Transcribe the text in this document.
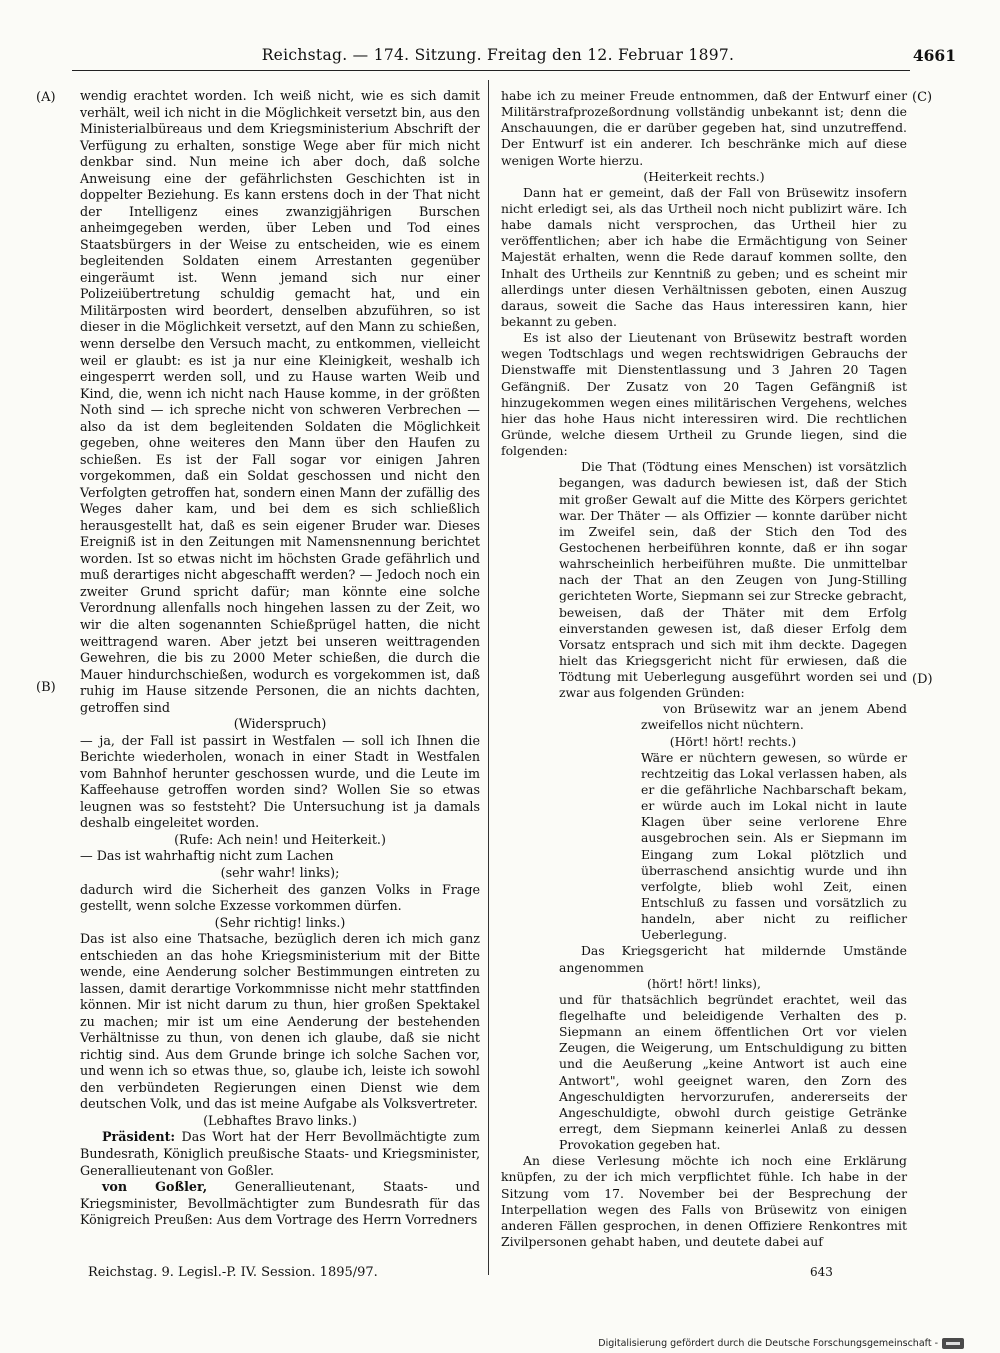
Reichstag. — 174. Sitzung. Freitag den 12. Februar 1897.	4661
(A)
(B)
(C)
(D)

wendig erachtet worden. Ich weiß nicht, wie es sich damit verhält, weil ich nicht in die Möglichkeit versetzt bin, aus den Ministerialbüreaus und dem Kriegsministerium Abschrift der Verfügung zu erhalten, sonstige Wege aber für mich nicht denkbar sind. Nun meine ich aber doch, daß solche Anweisung eine der gefährlichsten Geschichten ist in doppelter Beziehung. Es kann erstens doch in der That nicht der Intelligenz eines zwanzigjährigen Burschen anheimgegeben werden, über Leben und Tod eines Staatsbürgers in der Weise zu entscheiden, wie es einem begleitenden Soldaten einem Arrestanten gegenüber eingeräumt ist. Wenn jemand sich nur einer Polizeiübertretung schuldig gemacht hat, und ein Militärposten wird beordert, denselben abzuführen, so ist dieser in die Möglichkeit versetzt, auf den Mann zu schießen, wenn derselbe den Versuch macht, zu entkommen, vielleicht weil er glaubt: es ist ja nur eine Kleinigkeit, weshalb ich eingesperrt werden soll, und zu Hause warten Weib und Kind, die, wenn ich nicht nach Hause komme, in der größten Noth sind — ich spreche nicht von schweren Verbrechen — also da ist dem begleitenden Soldaten die Möglichkeit gegeben, ohne weiteres den Mann über den Haufen zu schießen. Es ist der Fall sogar vor einigen Jahren vorgekommen, daß ein Soldat geschossen und nicht den Verfolgten getroffen hat, sondern einen Mann der zufällig des Weges daher kam, und bei dem es sich schließlich herausgestellt hat, daß es sein eigener Bruder war. Dieses Ereigniß ist in den Zeitungen mit Namensnennung berichtet worden. Ist so etwas nicht im höchsten Grade gefährlich und muß derartiges nicht abgeschafft werden? — Jedoch noch ein zweiter Grund spricht dafür; man könnte eine solche Verordnung allenfalls noch hingehen lassen zu der Zeit, wo wir die alten sogenannten Schießprügel hatten, die nicht weittragend waren. Aber jetzt bei unseren weittragenden Gewehren, die bis zu 2000 Meter schießen, die durch die Mauer hindurchschießen, wodurch es vorgekommen ist, daß ruhig im Hause sitzende Personen, die an nichts dachten, getroffen sind

(Widerspruch)

— ja, der Fall ist passirt in Westfalen — soll ich Ihnen die Berichte wiederholen, wonach in einer Stadt in Westfalen vom Bahnhof herunter geschossen wurde, und die Leute im Kaffeehause getroffen worden sind? Wollen Sie so etwas leugnen was so feststeht? Die Untersuchung ist ja damals deshalb eingeleitet worden.

(Rufe: Ach nein! und Heiterkeit.)

— Das ist wahrhaftig nicht zum Lachen

(sehr wahr! links);

dadurch wird die Sicherheit des ganzen Volks in Frage gestellt, wenn solche Exzesse vorkommen dürfen.

(Sehr richtig! links.)

Das ist also eine Thatsache, bezüglich deren ich mich ganz entschieden an das hohe Kriegsministerium mit der Bitte wende, eine Aenderung solcher Bestimmungen eintreten zu lassen, damit derartige Vorkommnisse nicht mehr stattfinden können. Mir ist nicht darum zu thun, hier großen Spektakel zu machen; mir ist um eine Aenderung der bestehenden Verhältnisse zu thun, von denen ich glaube, daß sie nicht richtig sind. Aus dem Grunde bringe ich solche Sachen vor, und wenn ich so etwas thue, so, glaube ich, leiste ich sowohl den verbündeten Regierungen einen Dienst wie dem deutschen Volk, und das ist meine Aufgabe als Volksvertreter.

(Lebhaftes Bravo links.)

Präsident: Das Wort hat der Herr Bevollmächtigte zum Bundesrath, Königlich preußische Staats- und Kriegsminister, Generallieutenant von Goßler.

von Goßler, Generallieutenant, Staats- und Kriegsminister, Bevollmächtigter zum Bundesrath für das Königreich Preußen: Aus dem Vortrage des Herrn Vorredners

habe ich zu meiner Freude entnommen, daß der Entwurf einer Militärstrafprozeßordnung vollständig unbekannt ist; denn die Anschauungen, die er darüber gegeben hat, sind unzutreffend. Der Entwurf ist ein anderer. Ich beschränke mich auf diese wenigen Worte hierzu.

(Heiterkeit rechts.)

Dann hat er gemeint, daß der Fall von Brüsewitz insofern nicht erledigt sei, als das Urtheil noch nicht publizirt wäre. Ich habe damals nicht versprochen, das Urtheil hier zu veröffentlichen; aber ich habe die Ermächtigung von Seiner Majestät erhalten, wenn die Rede darauf kommen sollte, den Inhalt des Urtheils zur Kenntniß zu geben; und es scheint mir allerdings unter diesen Verhältnissen geboten, einen Auszug daraus, soweit die Sache das Haus interessiren kann, hier bekannt zu geben.

Es ist also der Lieutenant von Brüsewitz bestraft worden wegen Todtschlags und wegen rechtswidrigen Gebrauchs der Dienstwaffe mit Dienstentlassung und 3 Jahren 20 Tagen Gefängniß. Der Zusatz von 20 Tagen Gefängniß ist hinzugekommen wegen eines militärischen Vergehens, welches hier das hohe Haus nicht interessiren wird. Die rechtlichen Gründe, welche diesem Urtheil zu Grunde liegen, sind die folgenden:

Die That (Tödtung eines Menschen) ist vorsätzlich begangen, was dadurch bewiesen ist, daß der Stich mit großer Gewalt auf die Mitte des Körpers gerichtet war. Der Thäter — als Offizier — konnte darüber nicht im Zweifel sein, daß der Stich den Tod des Gestochenen herbeiführen konnte, daß er ihn sogar wahrscheinlich herbeiführen mußte. Die unmittelbar nach der That an den Zeugen von Jung-Stilling gerichteten Worte, Siepmann sei zur Strecke gebracht, beweisen, daß der Thäter mit dem Erfolg einverstanden gewesen ist, daß dieser Erfolg dem Vorsatz entsprach und sich mit ihm deckte. Dagegen hielt das Kriegsgericht nicht für erwiesen, daß die Tödtung mit Ueberlegung ausgeführt worden sei und zwar aus folgenden Gründen:

von Brüsewitz war an jenem Abend zweifellos nicht nüchtern.

(Hört! hört! rechts.)

Wäre er nüchtern gewesen, so würde er rechtzeitig das Lokal verlassen haben, als er die gefährliche Nachbarschaft bekam, er würde auch im Lokal nicht in laute Klagen über seine verlorene Ehre ausgebrochen sein. Als er Siepmann im Eingang zum Lokal plötzlich und überraschend ansichtig wurde und ihn verfolgte, blieb wohl Zeit, einen Entschluß zu fassen und vorsätzlich zu handeln, aber nicht zu reiflicher Ueberlegung.

Das Kriegsgericht hat mildernde Umstände angenommen

(hört! hört! links),

und für thatsächlich begründet erachtet, weil das flegelhafte und beleidigende Verhalten des p. Siepmann an einem öffentlichen Ort vor vielen Zeugen, die Weigerung, um Entschuldigung zu bitten und die Aeußerung „keine Antwort ist auch eine Antwort", wohl geeignet waren, den Zorn des Angeschuldigten hervorzurufen, andererseits der Angeschuldigte, obwohl durch geistige Getränke erregt, dem Siepmann keinerlei Anlaß zu dessen Provokation gegeben hat.

An diese Verlesung möchte ich noch eine Erklärung knüpfen, zu der ich mich verpflichtet fühle. Ich habe in der Sitzung vom 17. November bei der Besprechung der Interpellation wegen des Falls von Brüsewitz von einigen anderen Fällen gesprochen, in denen Offiziere Renkontres mit Zivilpersonen gehabt haben, und deutete dabei auf

Reichstag. 9. Legisl.-P. IV. Session. 1895/97.	643
Digitalisierung gefördert durch die Deutsche Forschungsgemeinschaft -
